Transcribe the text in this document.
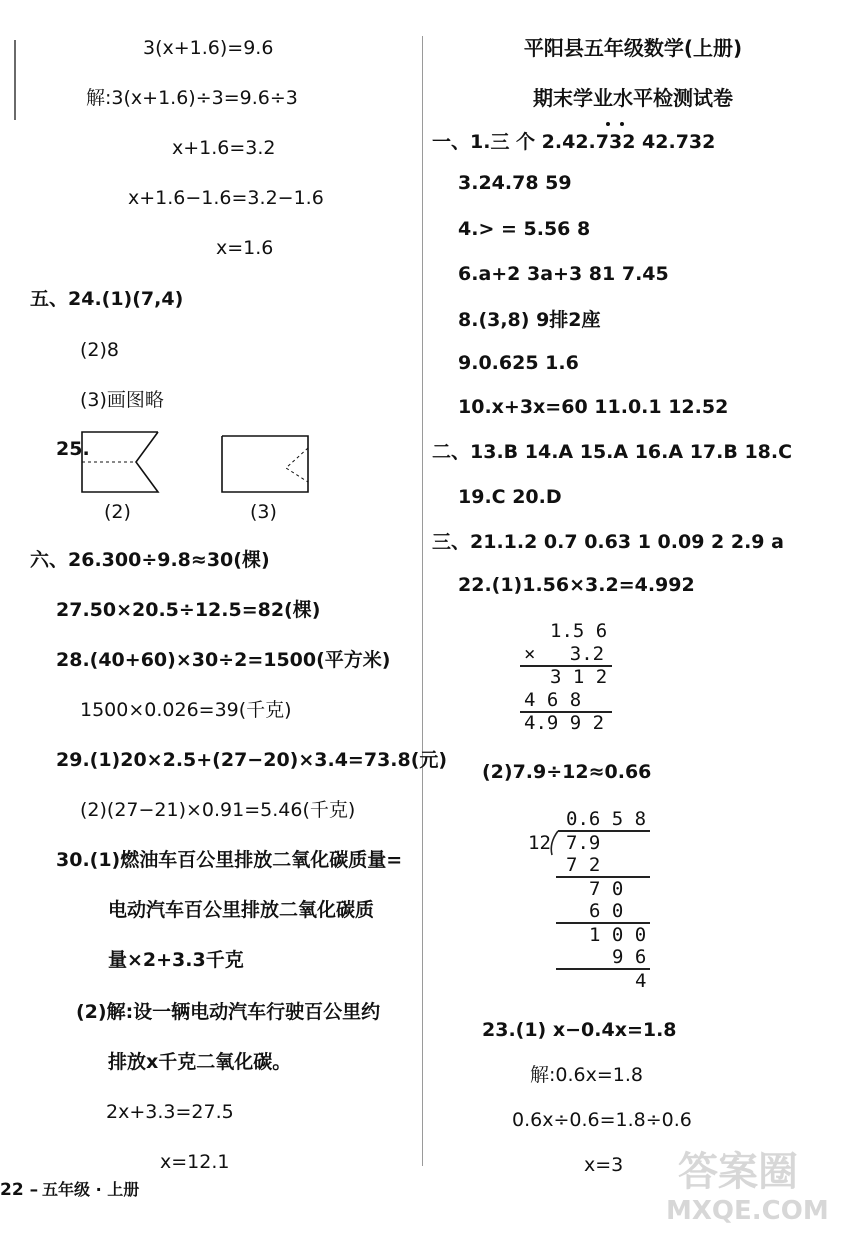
3(x+1.6)=9.6
解:3(x+1.6)÷3=9.6÷3
x+1.6=3.2
x+1.6−1.6=3.2−1.6
x=1.6
五、24.(1)(7,4)
(2)8
(3)画图略
25.
(2)	(3)
六、26.300÷9.8≈30(棵)
27.50×20.5÷12.5=82(棵)
28.(40+60)×30÷2=1500(平方米)
1500×0.026=39(千克)
29.(1)20×2.5+(27−20)×3.4=73.8(元)
(2)(27−21)×0.91=5.46(千克)
30.(1)燃油车百公里排放二氧化碳质量=
电动汽车百公里排放二氧化碳质
量×2+3.3千克
(2)解:设一辆电动汽车行驶百公里约
排放x千克二氧化碳。
2x+3.3=27.5
x=12.1
平阳县五年级数学(上册)
期末学业水平检测试卷
一、1.三 个 2.42.732 42.732
3.24.78 59
4.> = 5.56 8
6.a+2 3a+3 81 7.45
8.(3,8) 9排2座
9.0.625 1.6
10.x+3x=60 11.0.1 12.52
二、13.B 14.A 15.A 16.A 17.B 18.C
19.C 20.D
三、21.1.2 0.7 0.63 1 0.09 2 2.9 a
22.(1)1.56×3.2=4.992
1.5 6
×   3.2
3 1 2
4 6 8
4.9 9 2
(2)7.9÷12≈0.66
0.6 5 8
12 7.9
7 2
7 0
6 0
1 0 0
9 6
4
23.(1) x−0.4x=1.8
解:0.6x=1.8
0.6x÷0.6=1.8÷0.6
x=3
22 – 五年级 · 上册	答案圈
MXQE.COM
